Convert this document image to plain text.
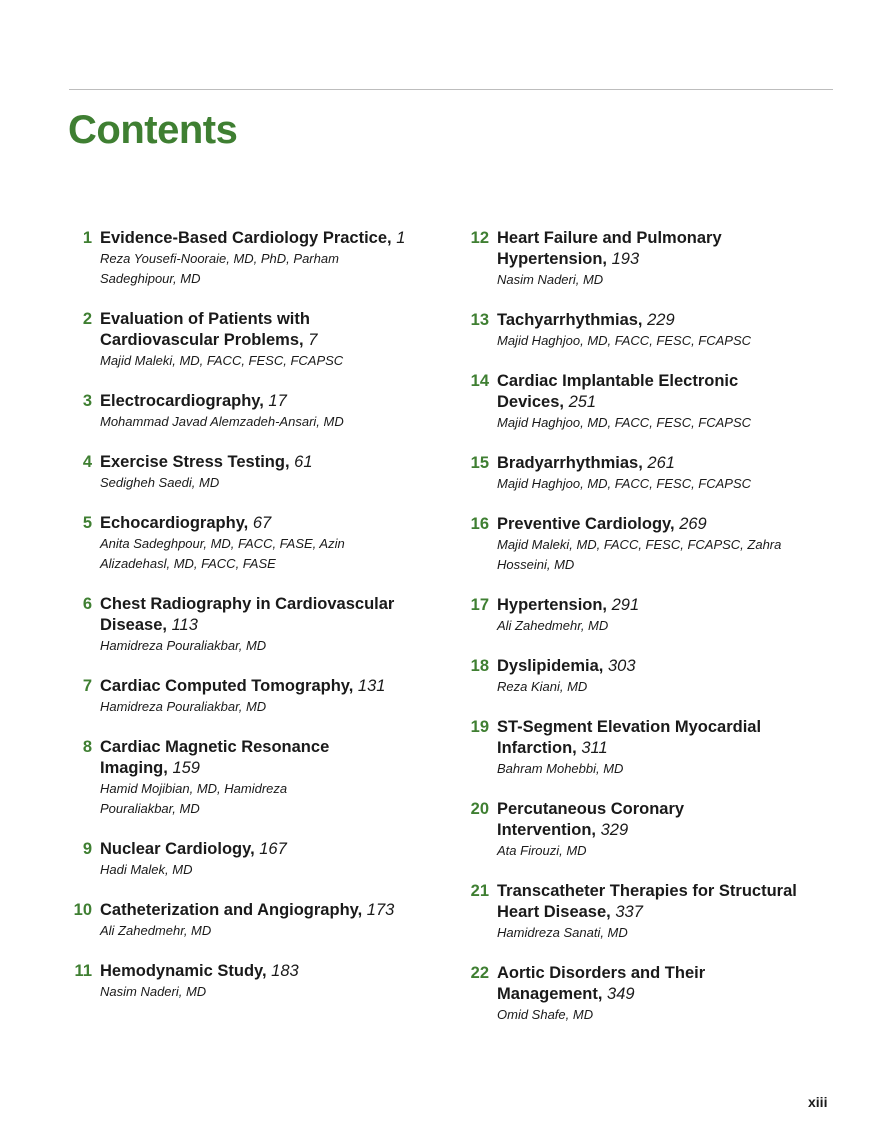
Contents
1 Evidence-Based Cardiology Practice, 1
Reza Yousefi-Nooraie, MD, PhD, Parham Sadeghipour, MD
2 Evaluation of Patients with Cardiovascular Problems, 7
Majid Maleki, MD, FACC, FESC, FCAPSC
3 Electrocardiography, 17
Mohammad Javad Alemzadeh-Ansari, MD
4 Exercise Stress Testing, 61
Sedigheh Saedi, MD
5 Echocardiography, 67
Anita Sadeghpour, MD, FACC, FASE, Azin Alizadehasl, MD, FACC, FASE
6 Chest Radiography in Cardiovascular Disease, 113
Hamidreza Pouraliakbar, MD
7 Cardiac Computed Tomography, 131
Hamidreza Pouraliakbar, MD
8 Cardiac Magnetic Resonance Imaging, 159
Hamid Mojibian, MD, Hamidreza Pouraliakbar, MD
9 Nuclear Cardiology, 167
Hadi Malek, MD
10 Catheterization and Angiography, 173
Ali Zahedmehr, MD
11 Hemodynamic Study, 183
Nasim Naderi, MD
12 Heart Failure and Pulmonary Hypertension, 193
Nasim Naderi, MD
13 Tachyarrhythmias, 229
Majid Haghjoo, MD, FACC, FESC, FCAPSC
14 Cardiac Implantable Electronic Devices, 251
Majid Haghjoo, MD, FACC, FESC, FCAPSC
15 Bradyarrhythmias, 261
Majid Haghjoo, MD, FACC, FESC, FCAPSC
16 Preventive Cardiology, 269
Majid Maleki, MD, FACC, FESC, FCAPSC, Zahra Hosseini, MD
17 Hypertension, 291
Ali Zahedmehr, MD
18 Dyslipidemia, 303
Reza Kiani, MD
19 ST-Segment Elevation Myocardial Infarction, 311
Bahram Mohebbi, MD
20 Percutaneous Coronary Intervention, 329
Ata Firouzi, MD
21 Transcatheter Therapies for Structural Heart Disease, 337
Hamidreza Sanati, MD
22 Aortic Disorders and Their Management, 349
Omid Shafe, MD
xiii
